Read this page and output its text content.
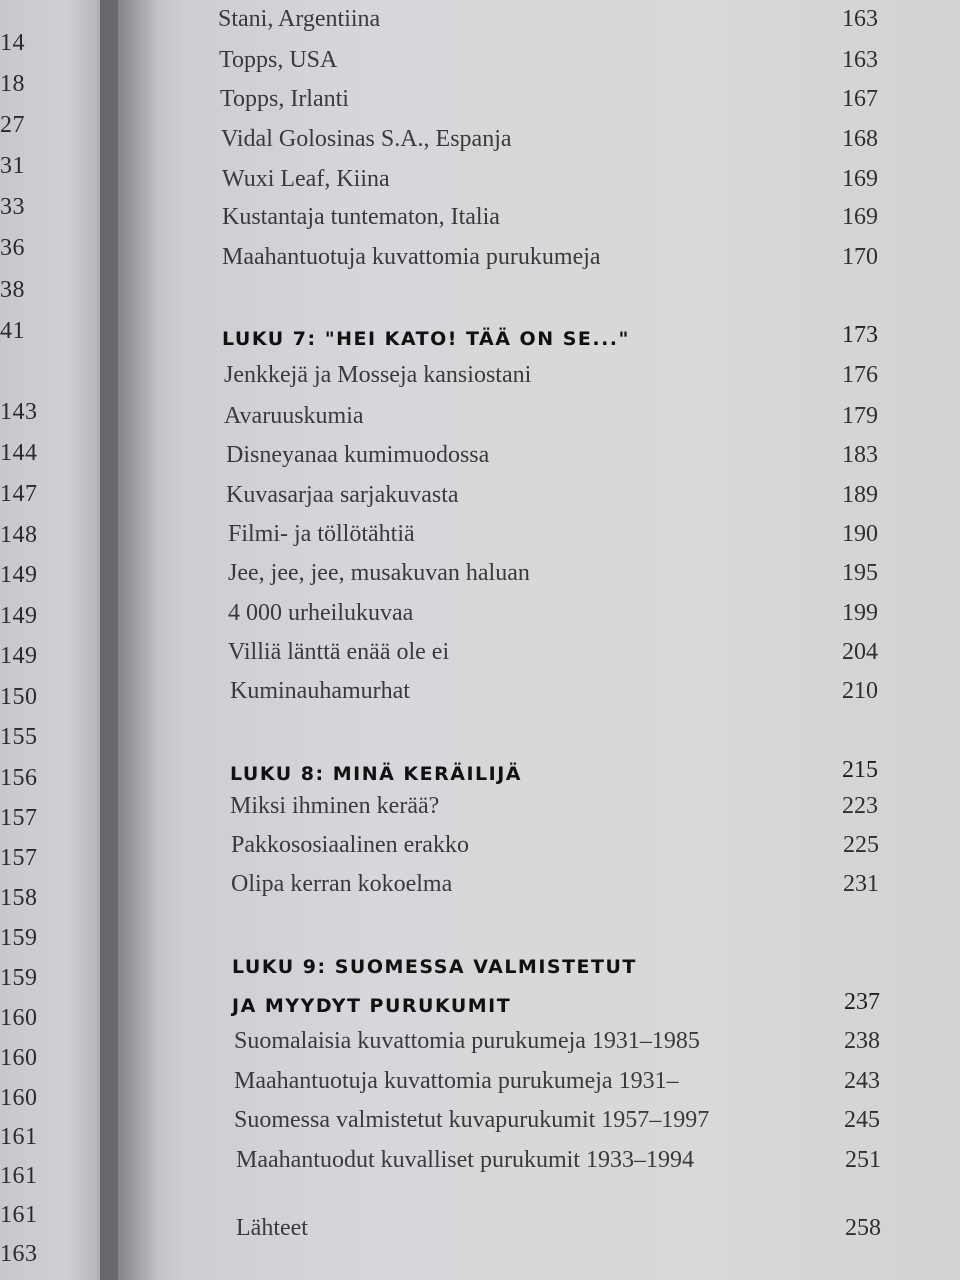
14
18
27
31
33
36
38
41
143
144
147
148
149
149
149
150
155
156
157
157
158
159
159
160
160
160
161
161
161
163
Stani, Argentiina	163
Topps, USA	163
Topps, Irlanti	167
Vidal Golosinas S.A., Espanja	168
Wuxi Leaf, Kiina	169
Kustantaja tuntematon, Italia	169
Maahantuotuja kuvattomia purukumeja	170
LUKU 7: "HEI KATO! TÄÄ ON SE..."	173
Jenkkejä ja Mosseja kansiostani	176
Avaruuskumia	179
Disneyanaa kumimuodossa	183
Kuvasarjaa sarjakuvasta	189
Filmi- ja töllötähtiä	190
Jee, jee, jee, musakuvan haluan	195
4 000 urheilukuvaa	199
Villiä länttä enää ole ei	204
Kuminauhamurhat	210
LUKU 8: MINÄ KERÄILIJÄ	215
Miksi ihminen kerää?	223
Pakkososiaalinen erakko	225
Olipa kerran kokoelma	231
LUKU 9: SUOMESSA VALMISTETUT
JA MYYDYT PURUKUMIT	237
Suomalaisia kuvattomia purukumeja 1931–1985	238
Maahantuotuja kuvattomia purukumeja 1931–	243
Suomessa valmistetut kuvapurukumit 1957–1997	245
Maahantuodut kuvalliset purukumit 1933–1994	251
Lähteet	258
